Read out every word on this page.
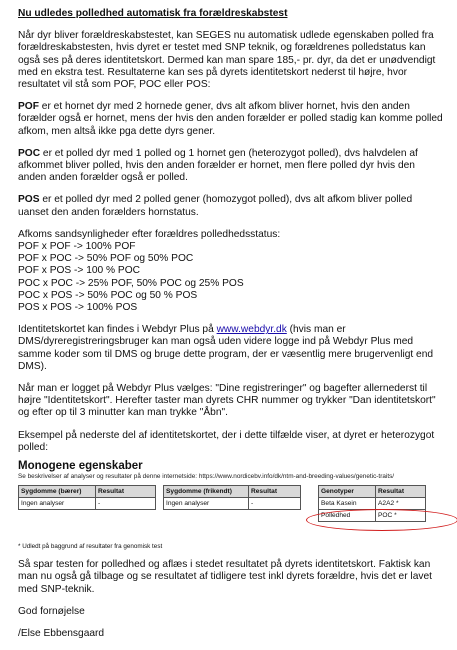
Nu udledes polledhed automatisk fra forældreskabstest

Når dyr bliver forældreskabstestet, kan SEGES nu automatisk udlede egenskaben polled fra forældreskabstesten, hvis dyret er testet med SNP teknik, og forældrenes polledstatus kan også ses på deres identitetskort. Dermed kan man spare 185,- pr. dyr, da det er unødvendigt med en ekstra test. Resultaterne kan ses på dyrets identitetskort nederst til højre, hvor resultatet vil stå som POF, POC eller POS:

POF er et hornet dyr med 2 hornede gener, dvs alt afkom bliver hornet, hvis den anden forælder også er hornet, mens der hvis den anden forælder er polled stadig kan komme polled afkom, men altså ikke pga dette dyrs gener.

POC er et polled dyr med 1 polled og 1 hornet gen (heterozygot polled), dvs halvdelen af afkommet bliver polled, hvis den anden forælder er hornet, men flere polled dyr hvis den anden anden forælder også er polled.

POS er et polled dyr med 2 polled gener (homozygot polled), dvs alt afkom bliver polled uanset den anden forælders hornstatus.

Afkoms sandsynligheder efter forældres polledhedsstatus:
POF x POF -> 100% POF
POF x POC -> 50% POF og 50% POC
POF x POS -> 100 % POC
POC x POC -> 25% POF, 50% POC og 25% POS
POC x POS -> 50% POC og 50 % POS
POS x POS -> 100% POS

Identitetskortet kan findes i Webdyr Plus på www.webdyr.dk (hvis man er DMS/dyreregistreringsbruger kan man også uden videre logge ind på Webdyr Plus med samme koder som til DMS og bruge dette program, der er væsentlig mere brugervenligt end DMS).

Når man er logget på Webdyr Plus vælges: "Dine registreringer" og bagefter allernederst til højre "Identitetskort". Herefter taster man dyrets CHR nummer og trykker "Dan identitetskort" og efter op til 3 minutter kan man trykke "Åbn".

Eksempel på nederste del af identitetskortet, der i dette tilfælde viser, at dyret er heterozygot polled:

Monogene egenskaber

Se beskrivelser af analyser og resultater på denne internetside: https://www.nordicebv.info/dk/ntm-and-breeding-values/genetic-traits/

Sygdomme (bærer)	Resultat
Ingen analyser	-
Sygdomme (frikendt)	Resultat
Ingen analyser	-
Genotyper	Resultat
Beta Kasein	A2A2 *
Polledhed	POC *

* Udledt på baggrund af resultater fra genomisk test

Så spar testen for polledhed og aflæs i stedet resultatet på dyrets identitetskort. Faktisk kan man nu også gå tilbage og se resultatet af tidligere test inkl dyrets forældre, hvis det er lavet med SNP-teknik.

God fornøjelse

/Else Ebbensgaard
